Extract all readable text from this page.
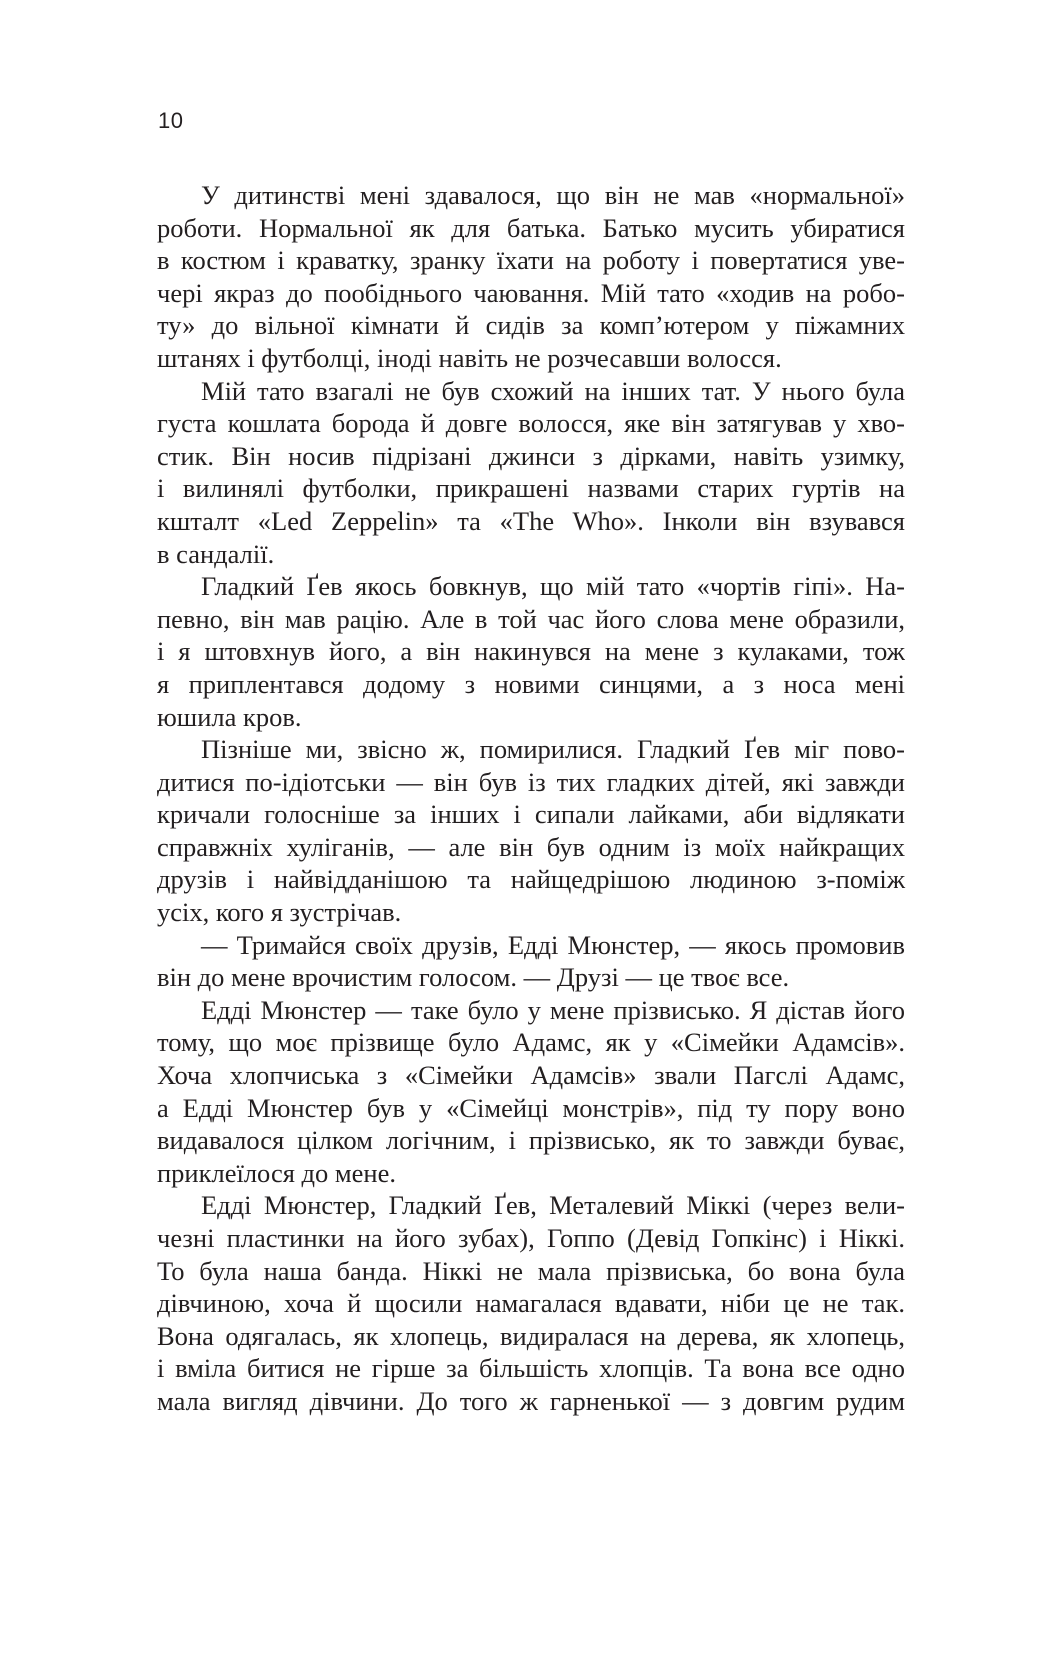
10
У дитинстві мені здавалося, що він не мав «нормальної»
роботи. Нормальної як для батька. Батько мусить убиратися
в костюм і краватку, зранку їхати на роботу і повертатися уве-
чері якраз до пообіднього чаювання. Мій тато «ходив на робо-
ту» до вільної кімнати й сидів за комп’ютером у піжамних
штанях і футболці, іноді навіть не розчесавши волосся.
Мій тато взагалі не був схожий на інших тат. У нього була
густа кошлата борода й довге волосся, яке він затягував у хво-
стик. Він носив підрізані джинси з дірками, навіть узимку,
і вилинялі футболки, прикрашені назвами старих гуртів на
кшталт «Led Zeppelin» та «The Who». Інколи він взувався
в сандалії.
Гладкий Ґев якось бовкнув, що мій тато «чортів гіпі». На-
певно, він мав рацію. Але в той час його слова мене образили,
і я штовхнув його, а він накинувся на мене з кулаками, тож
я приплентався додому з новими синцями, а з носа мені
юшила кров.
Пізніше ми, звісно ж, помирилися. Гладкий Ґев міг пово-
дитися по-ідіотськи — він був із тих гладких дітей, які завжди
кричали голосніше за інших і сипали лайками, аби відлякати
справжніх хуліганів, — але він був одним із моїх найкращих
друзів і найвідданішою та найщедрішою людиною з-поміж
усіх, кого я зустрічав.
— Тримайся своїх друзів, Едді Мюнстер, — якось промовив
він до мене врочистим голосом. — Друзі — це твоє все.
Едді Мюнстер — таке було у мене прізвисько. Я дістав його
тому, що моє прізвище було Адамс, як у «Сімейки Адамсів».
Хоча хлопчиська з «Сімейки Адамсів» звали Пагслі Адамс,
а Едді Мюнстер був у «Сімейці монстрів», під ту пору воно
видавалося цілком логічним, і прізвисько, як то завжди буває,
приклеїлося до мене.
Едді Мюнстер, Гладкий Ґев, Металевий Міккі (через вели-
чезні пластинки на його зубах), Гоппо (Девід Гопкінс) і Ніккі.
То була наша банда. Ніккі не мала прізвиська, бо вона була
дівчиною, хоча й щосили намагалася вдавати, ніби це не так.
Вона одягалась, як хлопець, видиралася на дерева, як хлопець,
і вміла битися не гірше за більшість хлопців. Та вона все одно
мала вигляд дівчини. До того ж гарненької — з довгим рудим
